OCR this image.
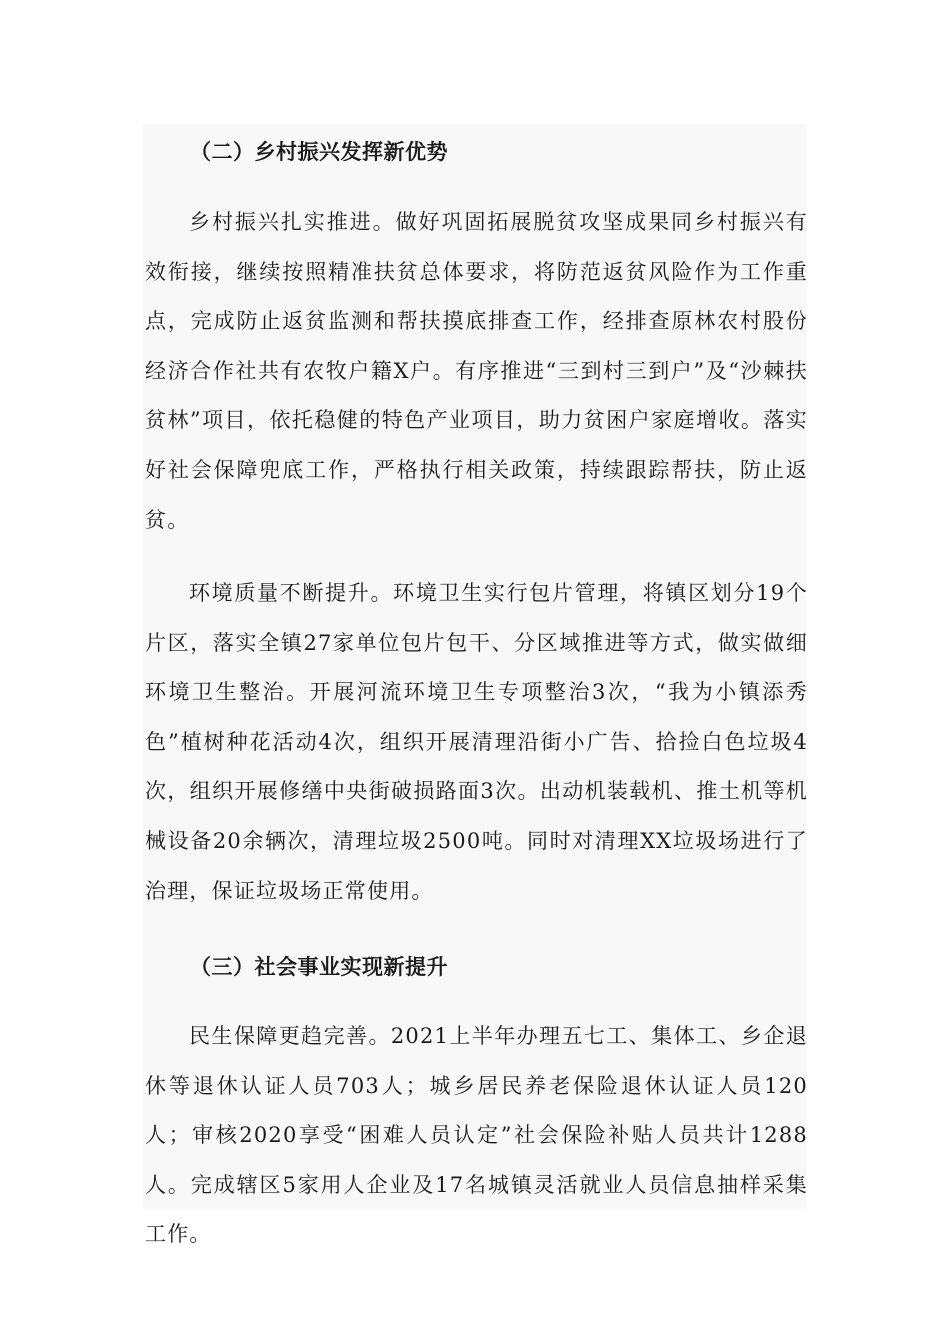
（二）乡村振兴发挥新优势

乡村振兴扎实推进。做好巩固拓展脱贫攻坚成果同乡村振兴有效衔接，继续按照精准扶贫总体要求，将防范返贫风险作为工作重点，完成防止返贫监测和帮扶摸底排查工作，经排查原林农村股份经济合作社共有农牧户籍X户。有序推进“三到村三到户”及“沙棘扶贫林”项目，依托稳健的特色产业项目，助力贫困户家庭增收。落实好社会保障兜底工作，严格执行相关政策，持续跟踪帮扶，防止返贫。

环境质量不断提升。环境卫生实行包片管理，将镇区划分19个片区，落实全镇27家单位包片包干、分区域推进等方式，做实做细环境卫生整治。开展河流环境卫生专项整治3次，“我为小镇添秀色”植树种花活动4次，组织开展清理沿街小广告、拾捡白色垃圾4次，组织开展修缮中央街破损路面3次。出动机装载机、推土机等机械设备20余辆次，清理垃圾2500吨。同时对清理XX垃圾场进行了治理，保证垃圾场正常使用。

（三）社会事业实现新提升

民生保障更趋完善。2021上半年办理五七工、集体工、乡企退休等退休认证人员703人；城乡居民养老保险退休认证人员120人；审核2020享受“困难人员认定”社会保险补贴人员共计1288人。完成辖区5家用人企业及17名城镇灵活就业人员信息抽样采集工作。
